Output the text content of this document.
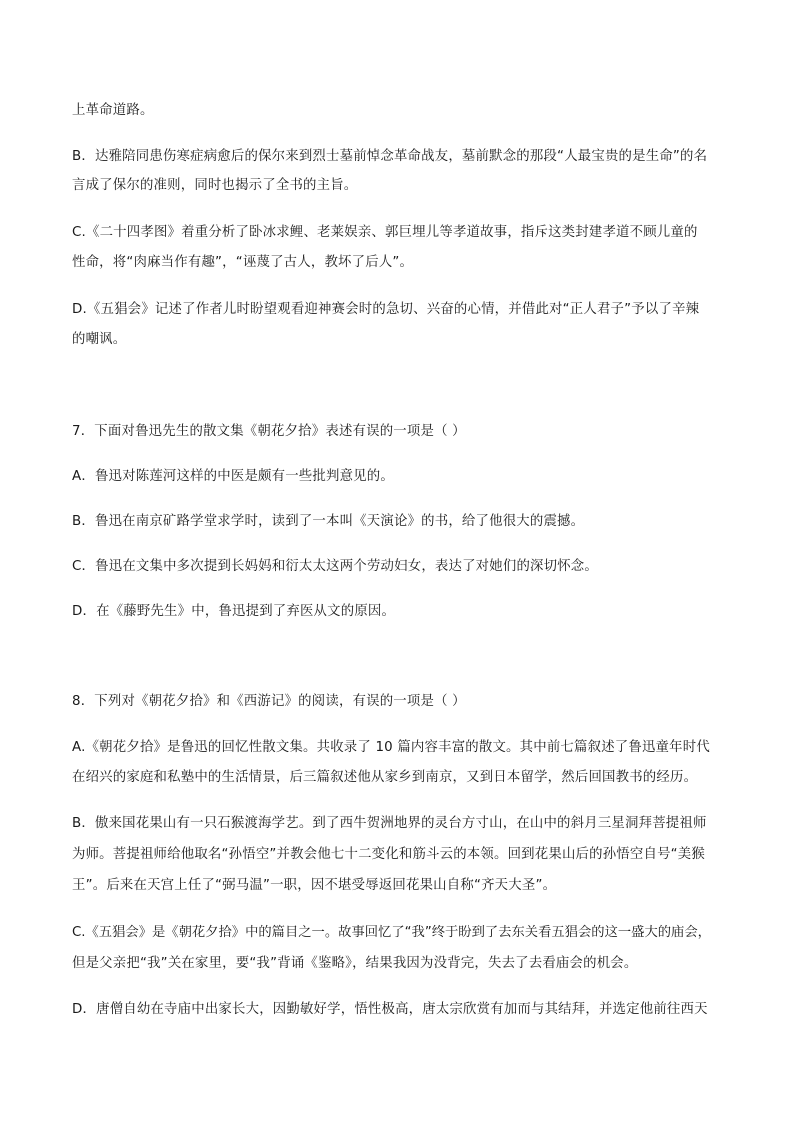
上革命道路。
B．达雅陪同患伤寒症病愈后的保尔来到烈士墓前悼念革命战友，墓前默念的那段“人最宝贵的是生命”的名
言成了保尔的准则，同时也揭示了全书的主旨。
C.《二十四孝图》着重分析了卧冰求鲤、老莱娱亲、郭巨埋儿等孝道故事，指斥这类封建孝道不顾儿童的
性命，将“肉麻当作有趣”，“诬蔑了古人，教坏了后人”。
D.《五猖会》记述了作者儿时盼望观看迎神赛会时的急切、兴奋的心情，并借此对“正人君子”予以了辛辣
的嘲讽。
7．下面对鲁迅先生的散文集《朝花夕拾》表述有误的一项是（ ）
A．鲁迅对陈莲河这样的中医是颇有一些批判意见的。
B．鲁迅在南京矿路学堂求学时，读到了一本叫《天演论》的书，给了他很大的震撼。
C．鲁迅在文集中多次提到长妈妈和衍太太这两个劳动妇女，表达了对她们的深切怀念。
D．在《藤野先生》中，鲁迅提到了弃医从文的原因。
8．下列对《朝花夕拾》和《西游记》的阅读，有误的一项是（ ）
A.《朝花夕拾》是鲁迅的回忆性散文集。共收录了 10 篇内容丰富的散文。其中前七篇叙述了鲁迅童年时代
在绍兴的家庭和私塾中的生活情景，后三篇叙述他从家乡到南京，又到日本留学，然后回国教书的经历。
B．傲来国花果山有一只石猴渡海学艺。到了西牛贺洲地界的灵台方寸山，在山中的斜月三星洞拜菩提祖师
为师。菩提祖师给他取名“孙悟空”并教会他七十二变化和筋斗云的本领。回到花果山后的孙悟空自号“美猴
王”。后来在天宫上任了“弼马温”一职，因不堪受辱返回花果山自称“齐天大圣”。
C.《五猖会》是《朝花夕拾》中的篇目之一。故事回忆了“我”终于盼到了去东关看五猖会的这一盛大的庙会，
但是父亲把“我”关在家里，要“我”背诵《鉴略》，结果我因为没背完，失去了去看庙会的机会。
D．唐僧自幼在寺庙中出家长大，因勤敏好学，悟性极高，唐太宗欣赏有加而与其结拜，并选定他前往西天
